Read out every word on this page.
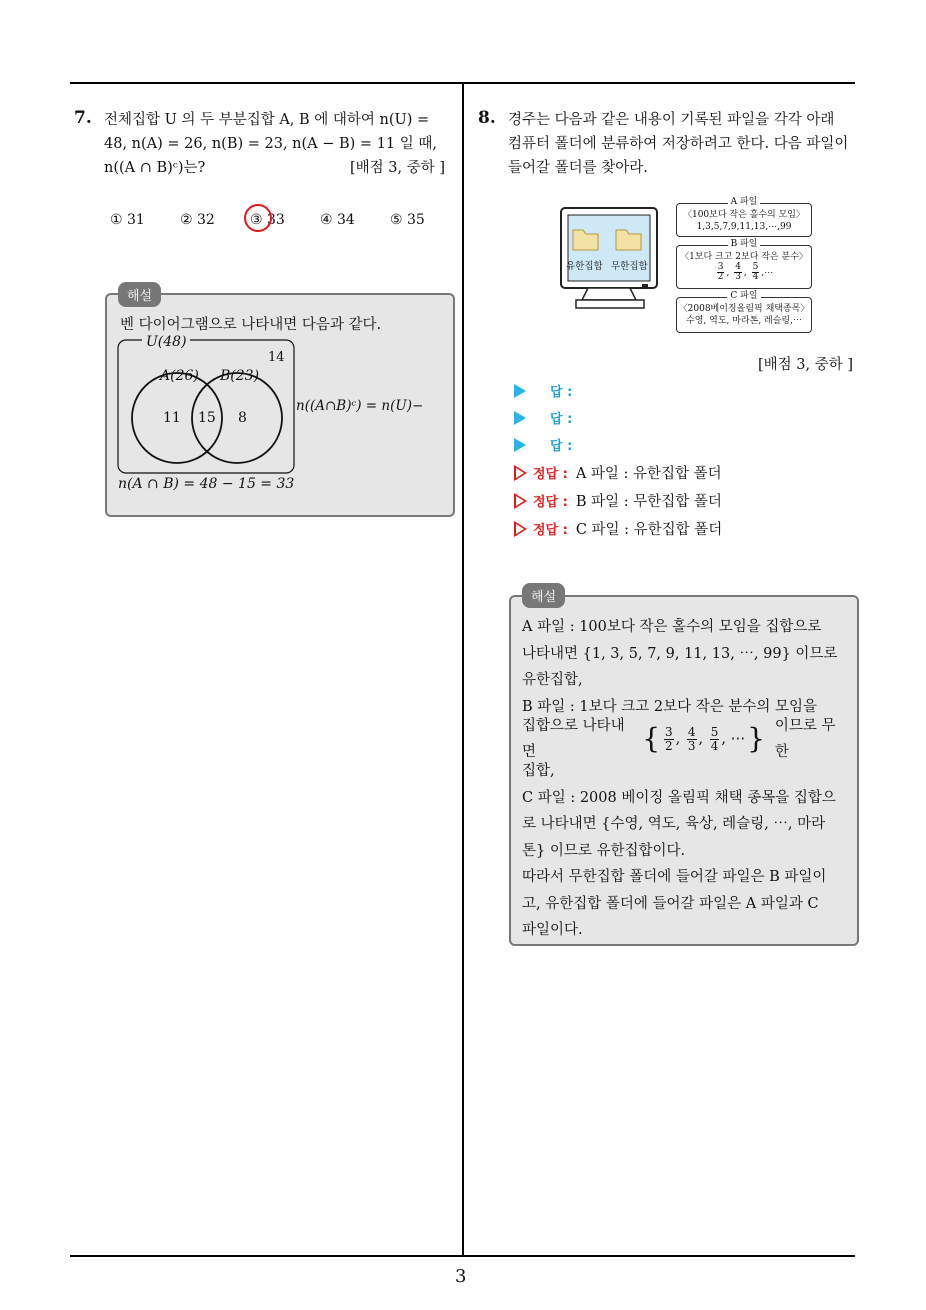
7. 전체집합 U 의 두 부분집합 A, B 에 대하여 n(U) =
48, n(A) = 26, n(B) = 23, n(A − B) = 11 일 때,
n((A ∩ B)ᶜ)는?	[배점 3, 중하 ]
① 31	② 32	③ 33	④ 34	⑤ 35
해설
벤 다이어그램으로 나타내면 다음과 같다.
U(48)
14
A(26) B(23)
11 15 8
n((A∩B)ᶜ) = n(U)−
n(A ∩ B) = 48 − 15 = 33
8. 경주는 다음과 같은 내용이 기록된 파일을 각각 아래
컴퓨터 폴더에 분류하여 저장하려고 한다. 다음 파일이
들어갈 폴더를 찾아라.
유한집합 무한집합
A 파일
〈100보다 작은 홀수의 모임〉
1,3,5,7,9,11,13,⋯,99
B 파일
〈1보다 크고 2보다 작은 분수〉
$\frac{3}{2}$ , $\frac{4}{3}$ , $\frac{5}{4}$ ,⋯
C 파일
〈2008베이징올림픽 채택종목〉
수영, 역도, 마라톤, 레슬링,⋯
[배점 3, 중하 ]
답 :
답 :
답 :
정답 : A 파일 : 유한집합 폴더
정답 : B 파일 : 무한집합 폴더
정답 : C 파일 : 유한집합 폴더
해설
A 파일 : 100보다 작은 홀수의 모임을 집합으로
나타내면 {1, 3, 5, 7, 9, 11, 13, ⋯, 99} 이므로
유한집합,
B 파일 : 1보다 크고 2보다 작은 분수의 모임을
집합으로 나타내면	{ $\frac{3}{2}$ , $\frac{4}{3}$ , $\frac{5}{4}$ , ⋯ } 이므로 무한
집합,
C 파일 : 2008 베이징 올림픽 채택 종목을 집합으
로 나타내면 {수영, 역도, 육상, 레슬링, ⋯, 마라
톤} 이므로 유한집합이다.
따라서 무한집합 폴더에 들어갈 파일은 B 파일이
고, 유한집합 폴더에 들어갈 파일은 A 파일과 C
파일이다.
3
